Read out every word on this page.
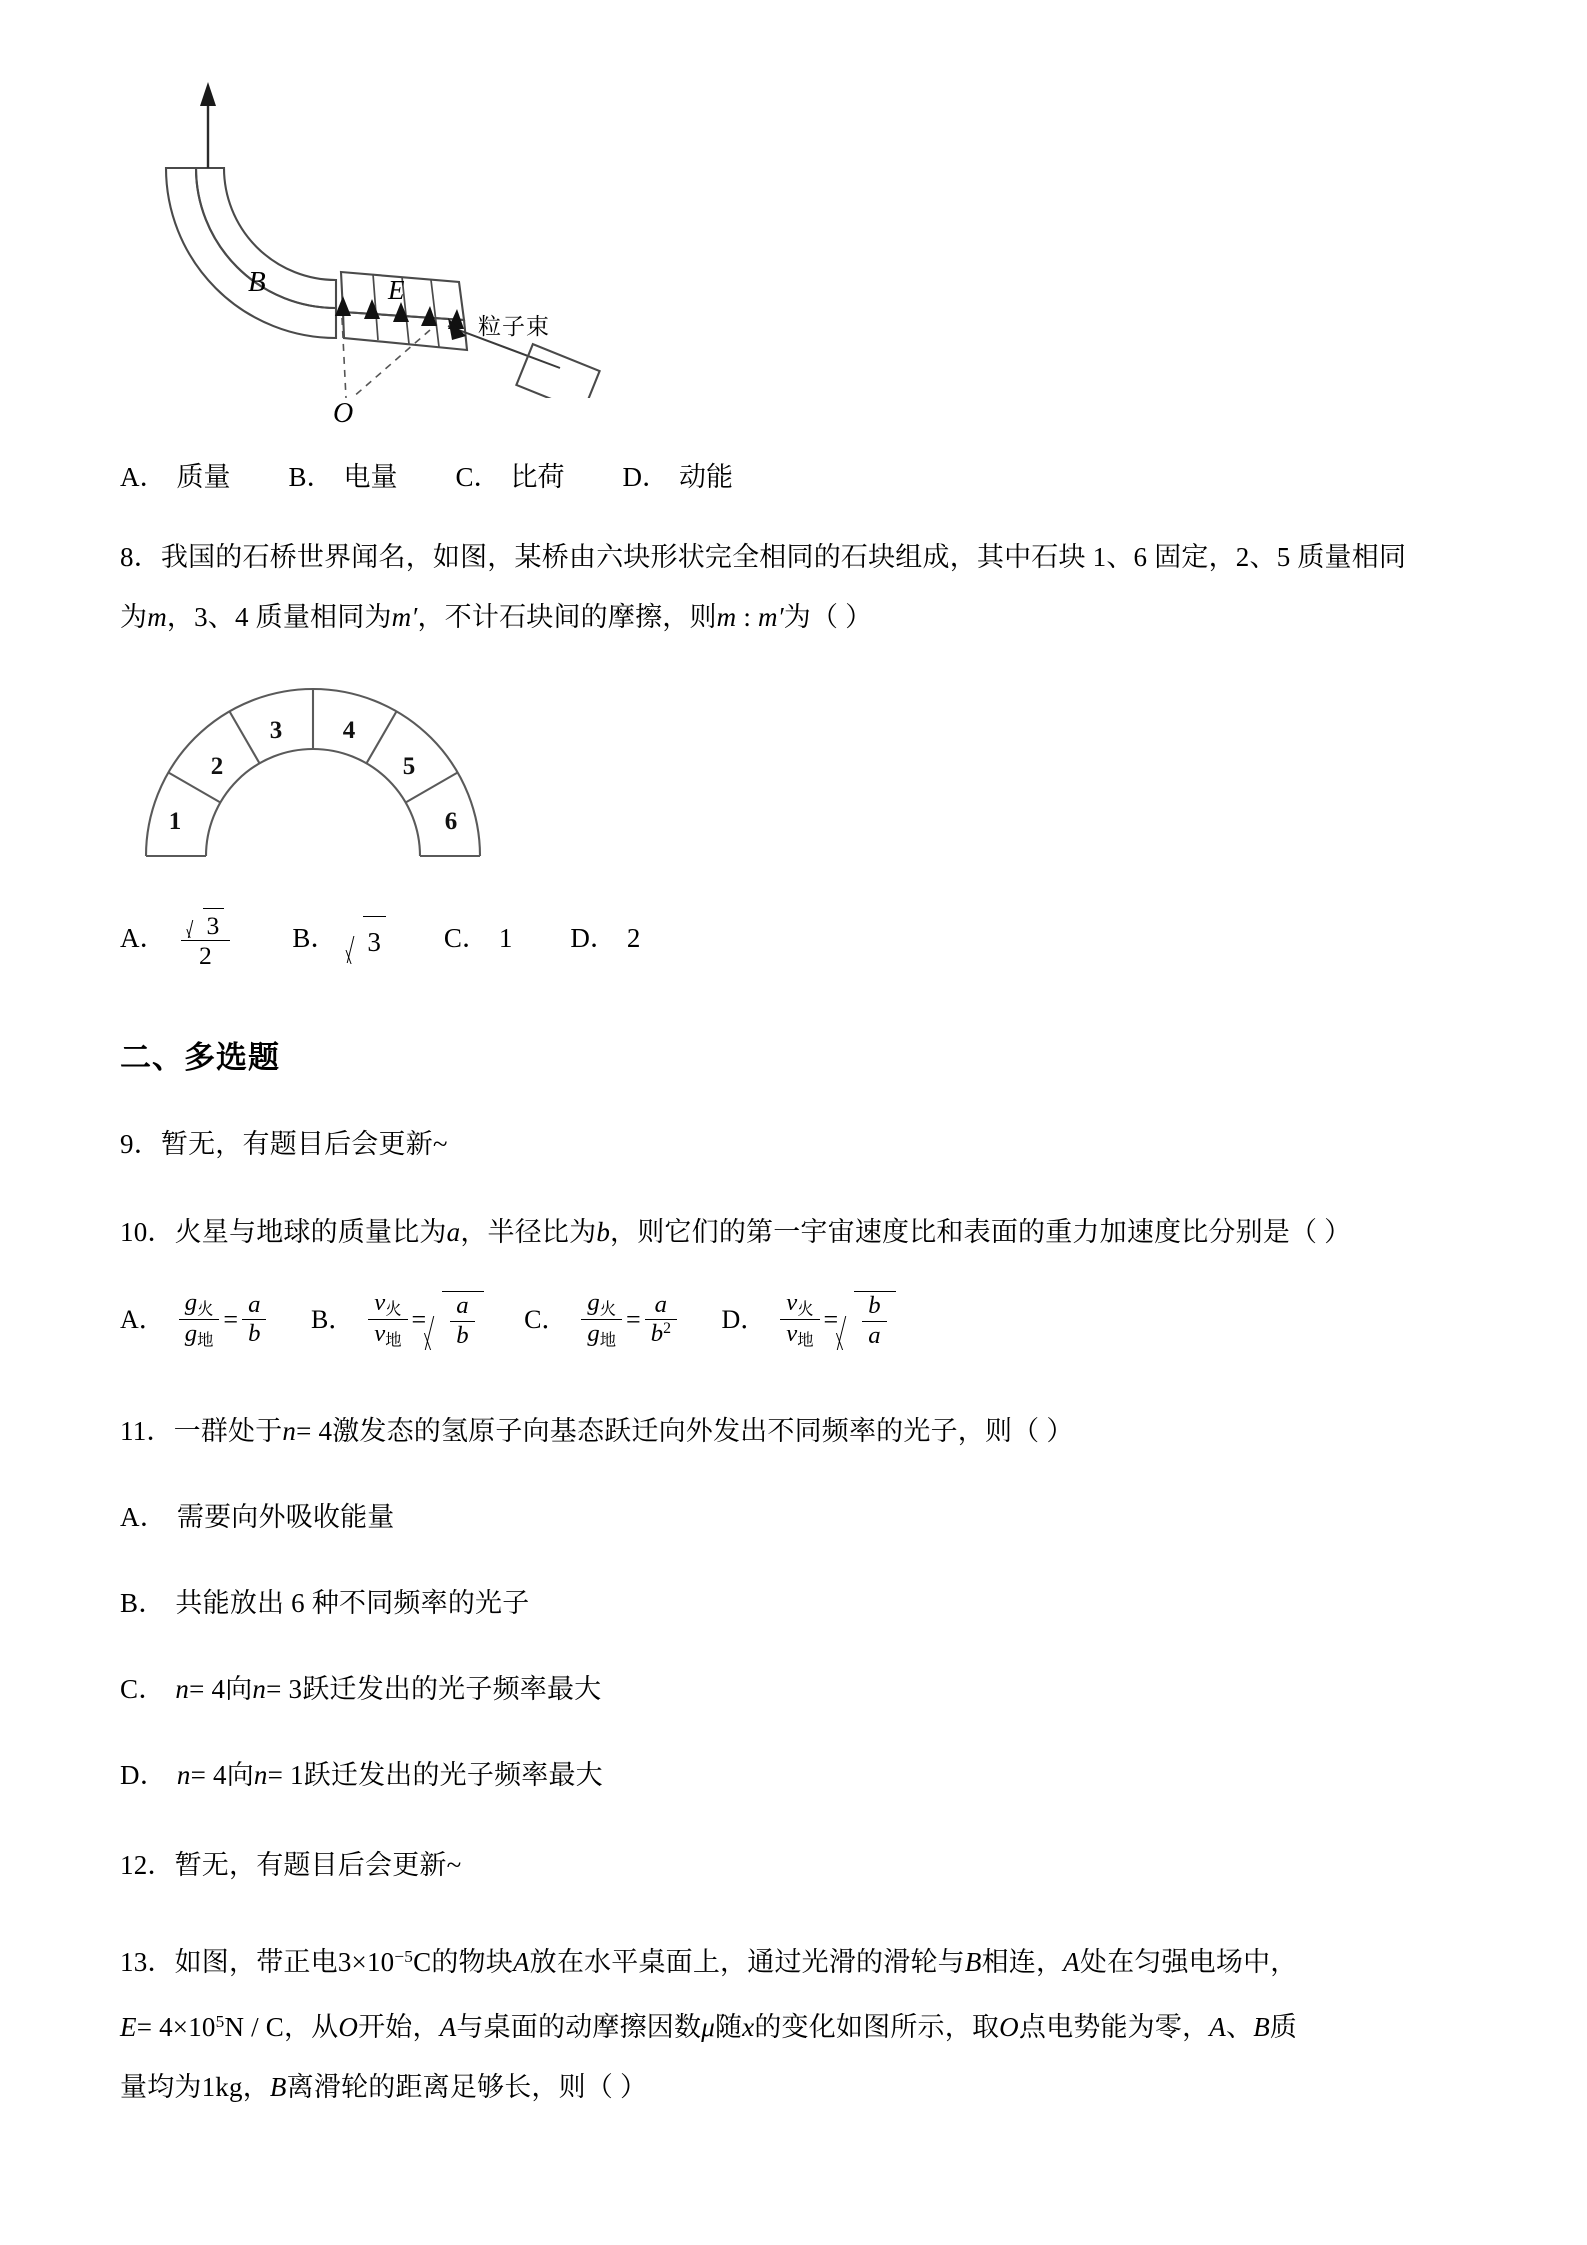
B	E
O
粒子束

A． 质量 B． 电量 C． 比荷 D． 动能

8．我国的石桥世界闻名，如图，某桥由六块形状完全相同的石块组成，其中石块 1、6 固定，2、5 质量相同

为m，3、4 质量相同为m′，不计石块间的摩擦，则m : m′为（ ）

1
2
3 4
5
6

A． $\frac{3}{2}$ B． 3 C． 1 D． 2

二、多选题

9．暂无，有题目后会更新~

10．火星与地球的质量比为a，半径比为b，则它们的第一宇宙速度比和表面的重力加速度比分别是（ ）

A． $\frac{g_火}{g_地} = \frac{a}{b}$ B． $\frac{v_火}{v_地} = \frac{a}{b}$ C． $\frac{g_火}{g_地} = \frac{a}{b^2}$ D． $\frac{v_火}{v_地} = \frac{b}{a}$

11．一群处于n= 4激发态的氢原子向基态跃迁向外发出不同频率的光子，则（ ）

A． 需要向外吸收能量

B． 共能放出 6 种不同频率的光子

C． n= 4向n= 3跃迁发出的光子频率最大

D． n= 4向n= 1跃迁发出的光子频率最大

12．暂无，有题目后会更新~

13．如图，带正电$3\times 10^{-5}C$的物块A放在水平桌面上，通过光滑的滑轮与B相连，A处在匀强电场中，

$E= 4\times 10^5N / C$，从O开始，A与桌面的动摩擦因数μ随x的变化如图所示，取O点电势能为零，A、B质

量均为1kg，B离滑轮的距离足够长，则（ ）
